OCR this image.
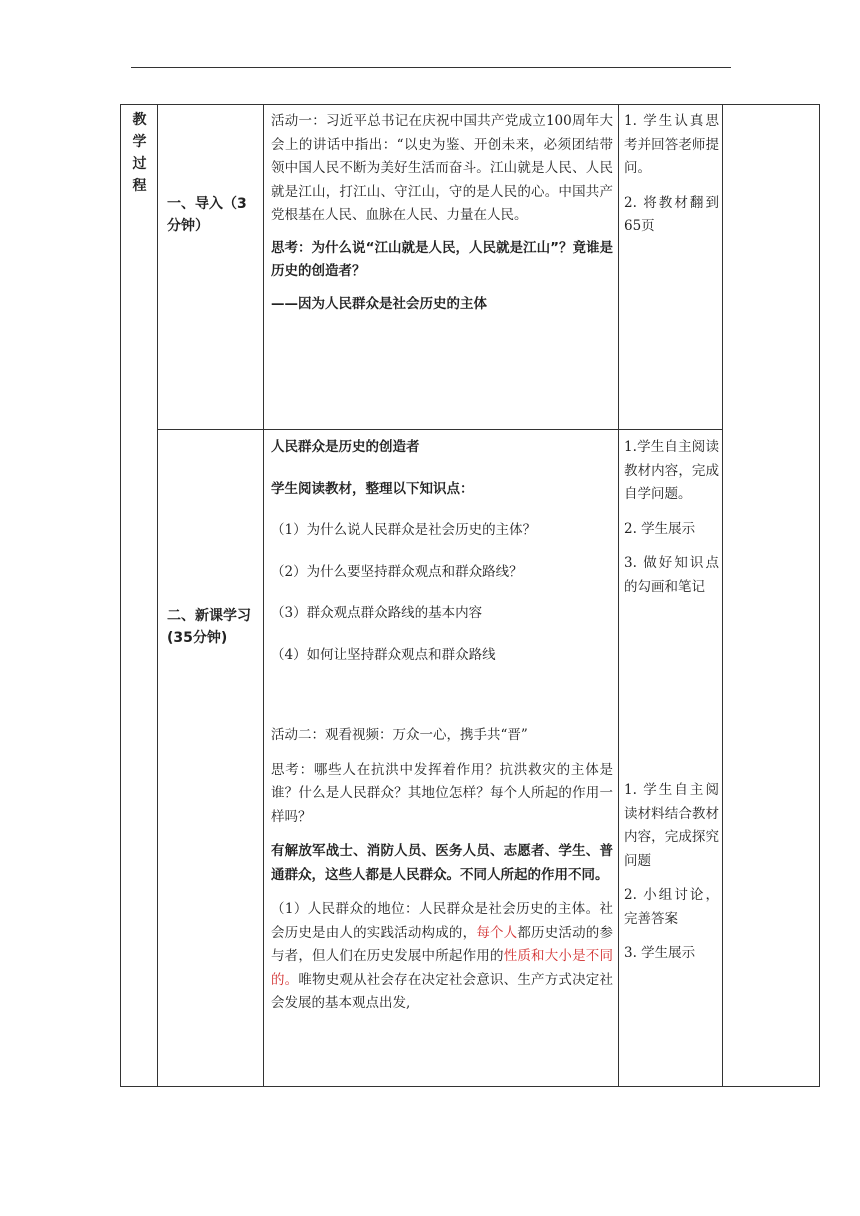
教
学
过
程
一、导入（3分钟）

活动一：习近平总书记在庆祝中国共产党成立100周年大会上的讲话中指出：“以史为鉴、开创未来，必须团结带领中国人民不断为美好生活而奋斗。江山就是人民、人民就是江山，打江山、守江山，守的是人民的心。中国共产党根基在人民、血脉在人民、力量在人民。

思考：为什么说“江山就是人民，人民就是江山”？竟谁是历史的创造者？

——因为人民群众是社会历史的主体

1. 学生认真思考并回答老师提问。

2. 将教材翻到65页

二、新课学习(35分钟)

人民群众是历史的创造者

学生阅读教材，整理以下知识点：

（1）为什么说人民群众是社会历史的主体？

（2）为什么要坚持群众观点和群众路线？

（3）群众观点群众路线的基本内容

（4）如何让坚持群众观点和群众路线

活动二：观看视频：万众一心，携手共“晋”

思考：哪些人在抗洪中发挥着作用？抗洪救灾的主体是谁？什么是人民群众？其地位怎样？每个人所起的作用一样吗？

有解放军战士、消防人员、医务人员、志愿者、学生、普通群众，这些人都是人民群众。不同人所起的作用不同。

（1）人民群众的地位：人民群众是社会历史的主体。社会历史是由人的实践活动构成的，每个人都历史活动的参与者，但人们在历史发展中所起作用的性质和大小是不同的。唯物史观从社会存在决定社会意识、生产方式决定社会发展的基本观点出发,

1.学生自主阅读教材内容，完成自学问题。

2. 学生展示

3. 做好知识点的勾画和笔记

1. 学生自主阅读材料结合教材内容，完成探究问题

2. 小组讨论，完善答案

3. 学生展示
